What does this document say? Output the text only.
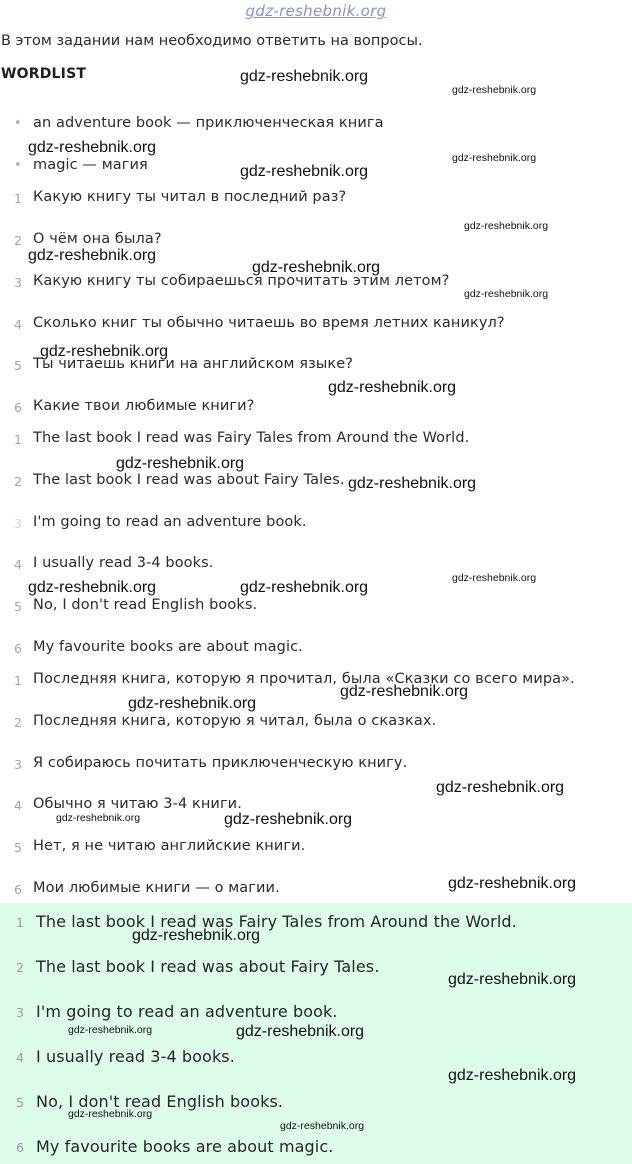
gdz-reshebnik.org
В этом задании нам необходимо ответить на вопросы.
WORDLIST
• an adventure book — приключенческая книга
• magic — магия
1 Какую книгу ты читал в последний раз?
2 О чём она была?
3 Какую книгу ты собираешься прочитать этим летом?
4 Сколько книг ты обычно читаешь во время летних каникул?
5 Ты читаешь книги на английском языке?
6 Какие твои любимые книги?
1 The last book I read was Fairy Tales from Around the World.
2 The last book I read was about Fairy Tales.
3 I'm going to read an adventure book.
4 I usually read 3-4 books.
5 No, I don't read English books.
6 My favourite books are about magic.
1 Последняя книга, которую я прочитал, была «Сказки со всего мира».
2 Последняя книга, которую я читал, была о сказках.
3 Я собираюсь почитать приключенческую книгу.
4 Обычно я читаю 3-4 книги.
5 Нет, я не читаю английские книги.
6 Мои любимые книги — о магии.
1 The last book I read was Fairy Tales from Around the World.
2 The last book I read was about Fairy Tales.
3 I'm going to read an adventure book.
4 I usually read 3-4 books.
5 No, I don't read English books.
6 My favourite books are about magic.
gdz-reshebnik.org
gdz-reshebnik.org
gdz-reshebnik.org
gdz-reshebnik.org
gdz-reshebnik.org
gdz-reshebnik.org
gdz-reshebnik.org
gdz-reshebnik.org
gdz-reshebnik.org
gdz-reshebnik.org
gdz-reshebnik.org
gdz-reshebnik.org
gdz-reshebnik.org
gdz-reshebnik.org
gdz-reshebnik.org	gdz-reshebnik.org
gdz-reshebnik.org
gdz-reshebnik.org
gdz-reshebnik.org
gdz-reshebnik.org	gdz-reshebnik.org
gdz-reshebnik.org
gdz-reshebnik.org
gdz-reshebnik.org
gdz-reshebnik.org	gdz-reshebnik.org
gdz-reshebnik.org
gdz-reshebnik.org
gdz-reshebnik.org
